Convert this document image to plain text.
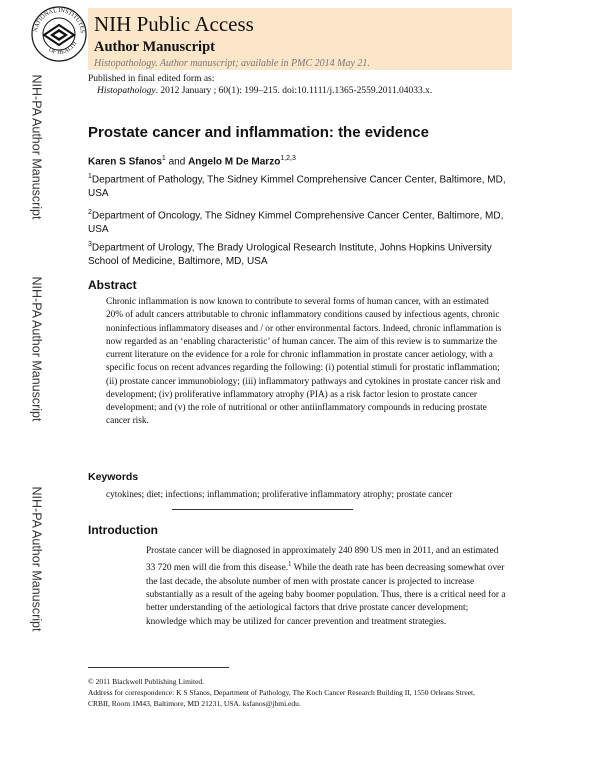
NATIONAL INSTITUTES
OF HEALTH
NIH Public Access
Author Manuscript
Histopathology. Author manuscript; available in PMC 2014 May 21.
Published in final edited form as:
Histopathology. 2012 January ; 60(1): 199–215. doi:10.1111/j.1365-2559.2011.04033.x.
NIH-PA Author Manuscript
NIH-PA Author Manuscript
NIH-PA Author Manuscript
Prostate cancer and inflammation: the evidence
Karen S Sfanos$^1$ and Angelo M De Marzo$^{1,2,3}$
$^1$Department of Pathology, The Sidney Kimmel Comprehensive Cancer Center, Baltimore, MD, USA
$^2$Department of Oncology, The Sidney Kimmel Comprehensive Cancer Center, Baltimore, MD, USA
$^3$Department of Urology, The Brady Urological Research Institute, Johns Hopkins University School of Medicine, Baltimore, MD, USA
Abstract
Chronic inflammation is now known to contribute to several forms of human cancer, with an estimated 20% of adult cancers attributable to chronic inflammatory conditions caused by infectious agents, chronic noninfectious inflammatory diseases and / or other environmental factors. Indeed, chronic inflammation is now regarded as an ‘enabling characteristic’ of human cancer. The aim of this review is to summarize the current literature on the evidence for a role for chronic inflammation in prostate cancer aetiology, with a specific focus on recent advances regarding the following: (i) potential stimuli for prostatic inflammation; (ii) prostate cancer immunobiology; (iii) inflammatory pathways and cytokines in prostate cancer risk and development; (iv) proliferative inflammatory atrophy (PIA) as a risk factor lesion to prostate cancer development; and (v) the role of nutritional or other antiinflammatory compounds in reducing prostate cancer risk.
Keywords
cytokines; diet; infections; inflammation; proliferative inflammatory atrophy; prostate cancer
Introduction
Prostate cancer will be diagnosed in approximately 240 890 US men in 2011, and an estimated 33 720 men will die from this disease.$^1$ While the death rate has been decreasing somewhat over the last decade, the absolute number of men with prostate cancer is projected to increase substantially as a result of the ageing baby boomer population. Thus, there is a critical need for a better understanding of the aetiological factors that drive prostate cancer development; knowledge which may be utilized for cancer prevention and treatment strategies.
© 2011 Blackwell Publishing Limited.
Address for correspondence: K S Sfanos, Department of Pathology, The Koch Cancer Research Building II, 1550 Orleans Street, CRBII, Room 1M43, Baltimore, MD 21231, USA. ksfanos@jhmi.edu.
